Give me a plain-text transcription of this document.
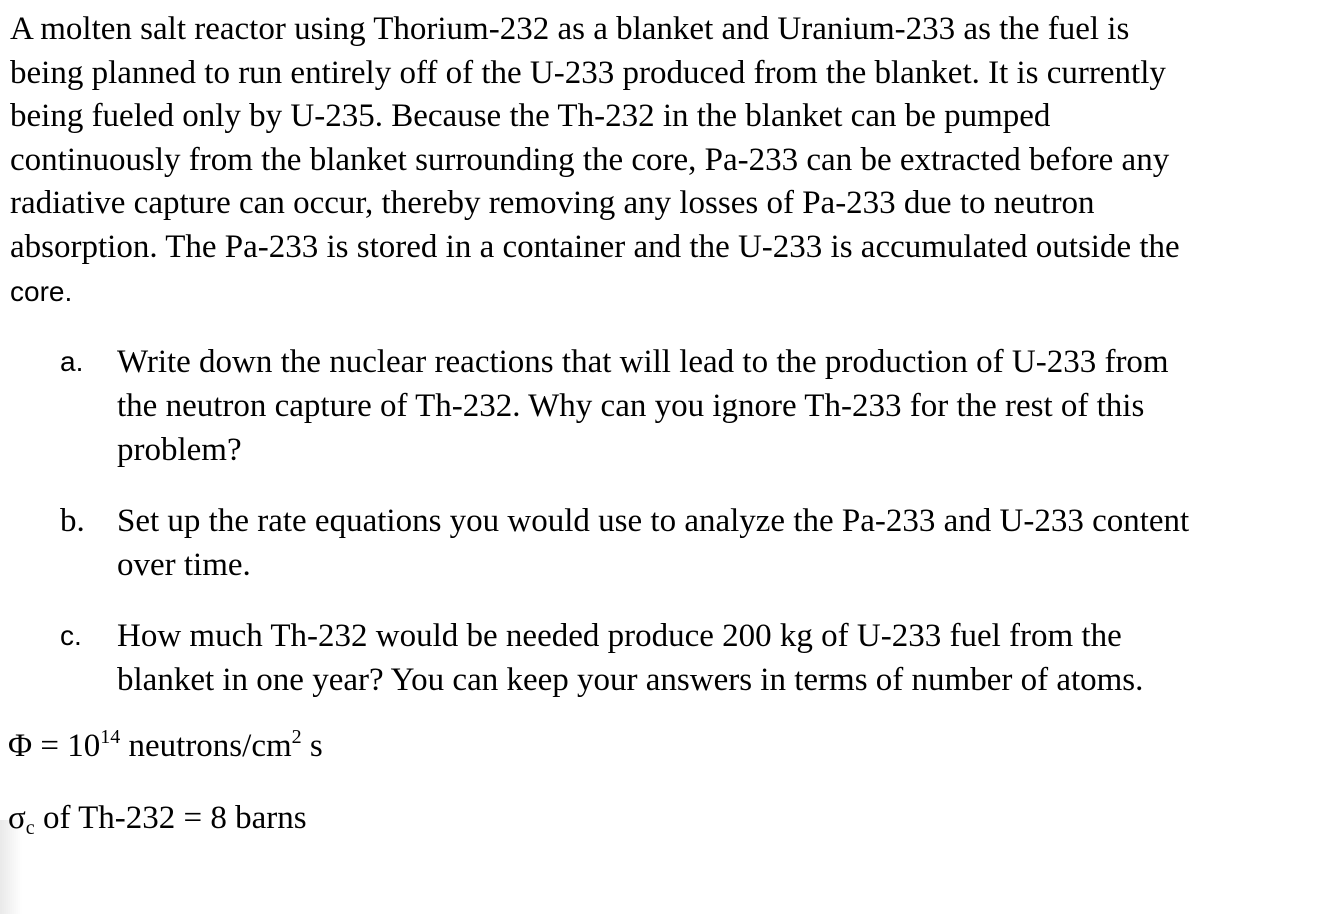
A molten salt reactor using Thorium-232 as a blanket and Uranium-233 as the fuel is
being planned to run entirely off of the U-233 produced from the blanket. It is currently
being fueled only by U-235. Because the Th-232 in the blanket can be pumped
continuously from the blanket surrounding the core, Pa-233 can be extracted before any
radiative capture can occur, thereby removing any losses of Pa-233 due to neutron
absorption. The Pa-233 is stored in a container and the U-233 is accumulated outside the
core.
a.	Write down the nuclear reactions that will lead to the production of U-233 from
the neutron capture of Th-232. Why can you ignore Th-233 for the rest of this
problem?
b. Set up the rate equations you would use to analyze the Pa-233 and U-233 content
over time.
c.	How much Th-232 would be needed produce 200 kg of U-233 fuel from the
blanket in one year? You can keep your answers in terms of number of atoms.
$\Phi = 10^{14}$ neutrons/$cm^2$ s
$\sigma_c$ of Th-232 = 8 barns
